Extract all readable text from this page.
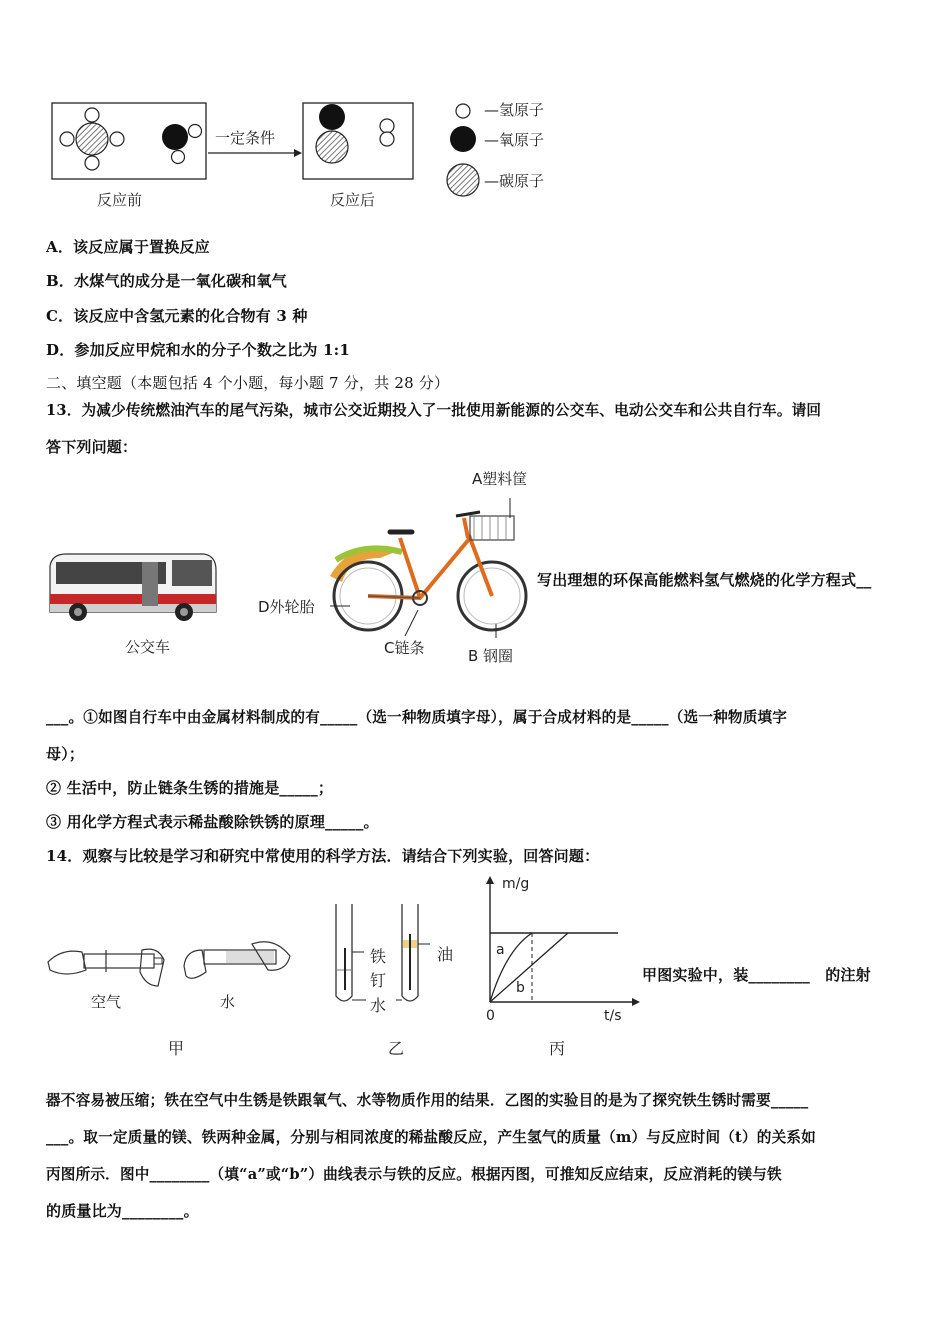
一定条件
反应前	反应后
—氢原子
—氧原子
—碳原子
A．该反应属于置换反应
B．水煤气的成分是一氧化碳和氧气
C．该反应中含氢元素的化合物有 3 种
D．参加反应甲烷和水的分子个数之比为 1:1
二、填空题（本题包括 4 个小题，每小题 7 分，共 28 分）
13．为减少传统燃油汽车的尾气污染，城市公交近期投入了一批使用新能源的公交车、电动公交车和公共自行车。请回
答下列问题：
公交车
A塑料筐
D外轮胎
C链条	B 钢圈
写出理想的环保高能燃料氢气燃烧的化学方程式__
___。①如图自行车中由金属材料制成的有_____（选一种物质填字母），属于合成材料的是_____（选一种物质填字
母）；
② 生活中，防止链条生锈的措施是_____；
③ 用化学方程式表示稀盐酸除铁锈的原理_____。
14．观察与比较是学习和研究中常使用的科学方法．请结合下列实验，回答问题：
空气	水
甲
铁
钉
油
水
乙
m/g
t/s
0
a
b
丙
甲图实验中，装________　的注射
器不容易被压缩；铁在空气中生锈是铁跟氧气、水等物质作用的结果．乙图的实验目的是为了探究铁生锈时需要_____
___。取一定质量的镁、铁两种金属，分别与相同浓度的稀盐酸反应，产生氢气的质量（m）与反应时间（t）的关系如
丙图所示．图中________（填“a”或“b”）曲线表示与铁的反应。根据丙图，可推知反应结束，反应消耗的镁与铁
的质量比为________。
